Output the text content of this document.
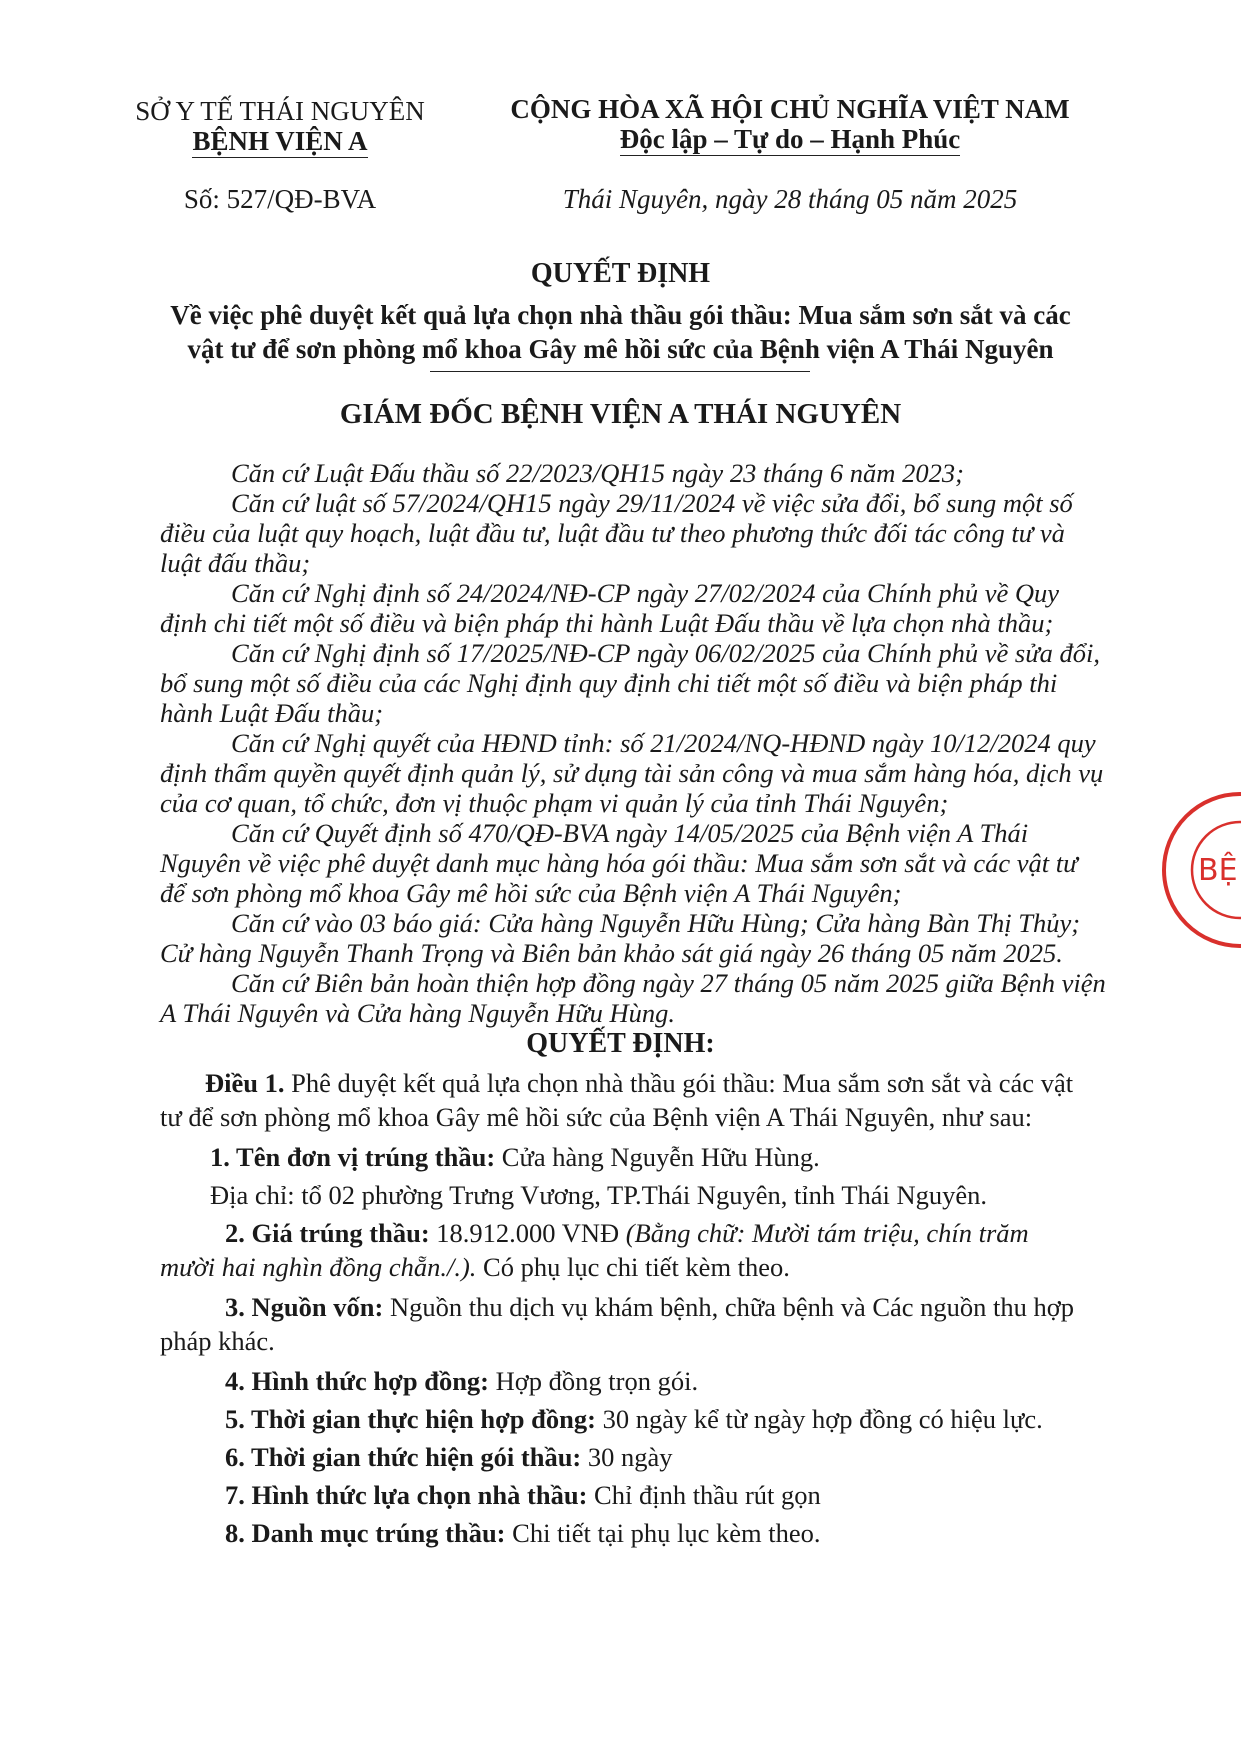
SỞ Y TẾ THÁI NGUYÊN
BỆNH VIỆN A
Số: 527/QĐ-BVA
CỘNG HÒA XÃ HỘI CHỦ NGHĨA VIỆT NAM
Độc lập – Tự do – Hạnh Phúc
Thái Nguyên, ngày 28 tháng 05 năm 2025
QUYẾT ĐỊNH
Về việc phê duyệt kết quả lựa chọn nhà thầu gói thầu: Mua sắm sơn sắt và các
vật tư để sơn phòng mổ khoa Gây mê hồi sức của Bệnh viện A Thái Nguyên
GIÁM ĐỐC BỆNH VIỆN A THÁI NGUYÊN
Căn cứ Luật Đấu thầu số 22/2023/QH15 ngày 23 tháng 6 năm 2023;
Căn cứ luật số 57/2024/QH15 ngày 29/11/2024 về việc sửa đổi, bổ sung một số
điều của luật quy hoạch, luật đầu tư, luật đầu tư theo phương thức đối tác công tư và
luật đấu thầu;
Căn cứ Nghị định số 24/2024/NĐ-CP ngày 27/02/2024 của Chính phủ về Quy
định chi tiết một số điều và biện pháp thi hành Luật Đấu thầu về lựa chọn nhà thầu;
Căn cứ Nghị định số 17/2025/NĐ-CP ngày 06/02/2025 của Chính phủ về sửa đổi,
bổ sung một số điều của các Nghị định quy định chi tiết một số điều và biện pháp thi
hành Luật Đấu thầu;
Căn cứ Nghị quyết của HĐND tỉnh: số 21/2024/NQ-HĐND ngày 10/12/2024 quy
định thẩm quyền quyết định quản lý, sử dụng tài sản công và mua sắm hàng hóa, dịch vụ
của cơ quan, tổ chức, đơn vị thuộc phạm vi quản lý của tỉnh Thái Nguyên;
Căn cứ Quyết định số 470/QĐ-BVA ngày 14/05/2025 của Bệnh viện A Thái
Nguyên về việc phê duyệt danh mục hàng hóa gói thầu: Mua sắm sơn sắt và các vật tư
để sơn phòng mổ khoa Gây mê hồi sức của Bệnh viện A Thái Nguyên;
Căn cứ vào 03 báo giá: Cửa hàng Nguyễn Hữu Hùng; Cửa hàng Bàn Thị Thủy;
Cử hàng Nguyễn Thanh Trọng và Biên bản khảo sát giá ngày 26 tháng 05 năm 2025.
Căn cứ Biên bản hoàn thiện hợp đồng ngày 27 tháng 05 năm 2025 giữa Bệnh viện
A Thái Nguyên và Cửa hàng Nguyễn Hữu Hùng.
QUYẾT ĐỊNH:
Điều 1. Phê duyệt kết quả lựa chọn nhà thầu gói thầu: Mua sắm sơn sắt và các vật
tư để sơn phòng mổ khoa Gây mê hồi sức của Bệnh viện A Thái Nguyên, như sau:
1. Tên đơn vị trúng thầu: Cửa hàng Nguyễn Hữu Hùng.
Địa chỉ: tổ 02 phường Trưng Vương, TP.Thái Nguyên, tỉnh Thái Nguyên.
2. Giá trúng thầu: 18.912.000 VNĐ (Bằng chữ: Mười tám triệu, chín trăm
mười hai nghìn đồng chẵn./.). Có phụ lục chi tiết kèm theo.
3. Nguồn vốn: Nguồn thu dịch vụ khám bệnh, chữa bệnh và Các nguồn thu hợp
pháp khác.
4. Hình thức hợp đồng: Hợp đồng trọn gói.
5. Thời gian thực hiện hợp đồng: 30 ngày kể từ ngày hợp đồng có hiệu lực.
6. Thời gian thức hiện gói thầu: 30 ngày
7. Hình thức lựa chọn nhà thầu: Chỉ định thầu rút gọn
8. Danh mục trúng thầu: Chi tiết tại phụ lục kèm theo.
BỆ
